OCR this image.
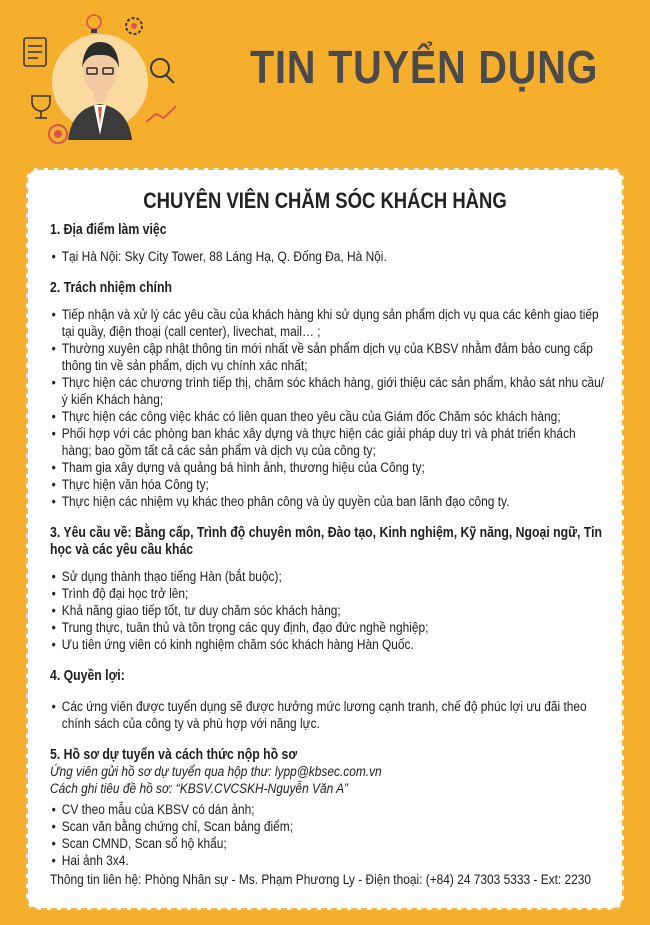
TIN TUYỂN DỤNG
CHUYÊN VIÊN CHĂM SÓC KHÁCH HÀNG

1. Địa điểm làm việc

• Tại Hà Nội: Sky City Tower, 88 Láng Hạ, Q. Đống Đa, Hà Nội.

2. Trách nhiệm chính

• Tiếp nhận và xử lý các yêu cầu của khách hàng khi sử dụng sản phẩm dịch vụ qua các kênh giao tiếp tại quầy, điện thoại (call center), livechat, mail… ;
• Thường xuyên cập nhật thông tin mới nhất về sản phẩm dịch vụ của KBSV nhằm đảm bảo cung cấp thông tin về sản phẩm, dịch vụ chính xác nhất;
• Thực hiện các chương trình tiếp thị, chăm sóc khách hàng, giới thiệu các sản phẩm, khảo sát nhu cầu/ý kiến Khách hàng;
• Thực hiện các công việc khác có liên quan theo yêu cầu của Giám đốc Chăm sóc khách hàng;
• Phối hợp với các phòng ban khác xây dựng và thực hiện các giải pháp duy trì và phát triển khách hàng; bao gồm tất cả các sản phẩm và dịch vụ của công ty;
• Tham gia xây dựng và quảng bá hình ảnh, thương hiệu của Công ty;
• Thực hiện văn hóa Công ty;
• Thực hiện các nhiệm vụ khác theo phân công và ủy quyền của ban lãnh đạo công ty.

3. Yêu cầu về: Bằng cấp, Trình độ chuyên môn, Đào tạo, Kinh nghiệm, Kỹ năng, Ngoại ngữ, Tin học và các yêu cầu khác

• Sử dụng thành thạo tiếng Hàn (bắt buộc);
• Trình độ đại học trở lên;
• Khả năng giao tiếp tốt, tư duy chăm sóc khách hàng;
• Trung thực, tuân thủ và tôn trọng các quy định, đạo đức nghề nghiệp;
• Ưu tiên ứng viên có kinh nghiệm chăm sóc khách hàng Hàn Quốc.

4. Quyền lợi:

• Các ứng viên được tuyển dụng sẽ được hưởng mức lương cạnh tranh, chế độ phúc lợi ưu đãi theo chính sách của công ty và phù hợp với năng lực.

5. Hồ sơ dự tuyển và cách thức nộp hồ sơ

Ứng viên gửi hồ sơ dự tuyển qua hộp thư: lypp@kbsec.com.vn

Cách ghi tiêu đề hồ sơ: “KBSV.CVCSKH-Nguyễn Văn A”

• CV theo mẫu của KBSV có dán ảnh;
• Scan văn bằng chứng chỉ, Scan bảng điểm;
• Scan CMND, Scan sổ hộ khẩu;
• Hai ảnh 3x4.

Thông tin liên hệ: Phòng Nhân sự - Ms. Phạm Phương Ly - Điện thoại: (+84) 24 7303 5333 - Ext: 2230
